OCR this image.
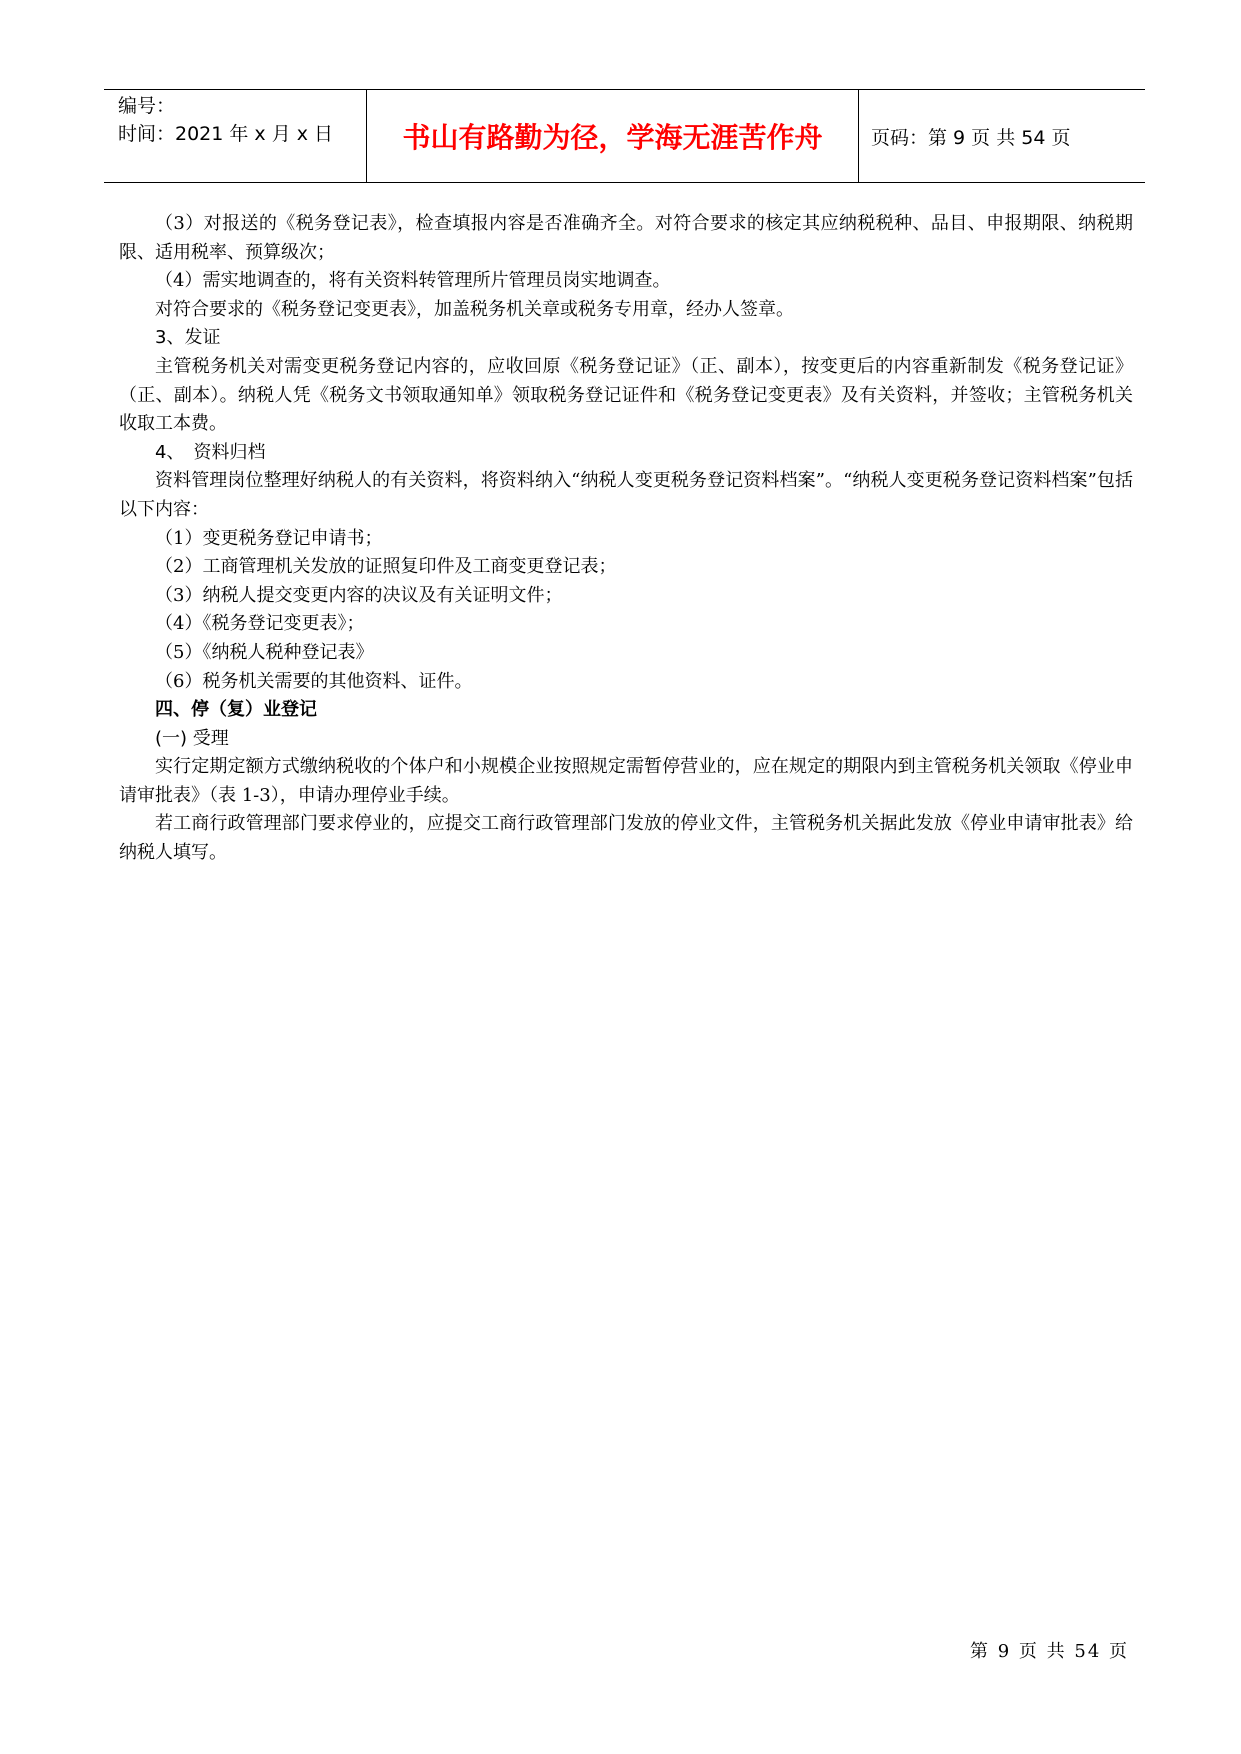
编号：
时间：2021 年 x 月 x 日	书山有路勤为径，学海无涯苦作舟	页码：第 9 页 共 54 页

（3）对报送的《税务登记表》，检查填报内容是否准确齐全。对符合要求的核定其应纳税税种、品目、申报期限、纳税期限、适用税率、预算级次；

（4）需实地调查的，将有关资料转管理所片管理员岗实地调查。

对符合要求的《税务登记变更表》，加盖税务机关章或税务专用章，经办人签章。

3、发证

主管税务机关对需变更税务登记内容的，应收回原《税务登记证》（正、副本），按变更后的内容重新制发《税务登记证》（正、副本）。纳税人凭《税务文书领取通知单》领取税务登记证件和《税务登记变更表》及有关资料，并签收；主管税务机关收取工本费。

4、　资料归档

资料管理岗位整理好纳税人的有关资料，将资料纳入“纳税人变更税务登记资料档案”。“纳税人变更税务登记资料档案”包括以下内容：

（1）变更税务登记申请书；

（2）工商管理机关发放的证照复印件及工商变更登记表；

（3）纳税人提交变更内容的决议及有关证明文件；

（4）《税务登记变更表》；

（5）《纳税人税种登记表》

（6）税务机关需要的其他资料、证件。

四、停（复）业登记

(一) 受理

实行定期定额方式缴纳税收的个体户和小规模企业按照规定需暂停营业的，应在规定的期限内到主管税务机关领取《停业申请审批表》（表 1-3），申请办理停业手续。

若工商行政管理部门要求停业的，应提交工商行政管理部门发放的停业文件，主管税务机关据此发放《停业申请审批表》给纳税人填写。

第 9 页 共 54 页
